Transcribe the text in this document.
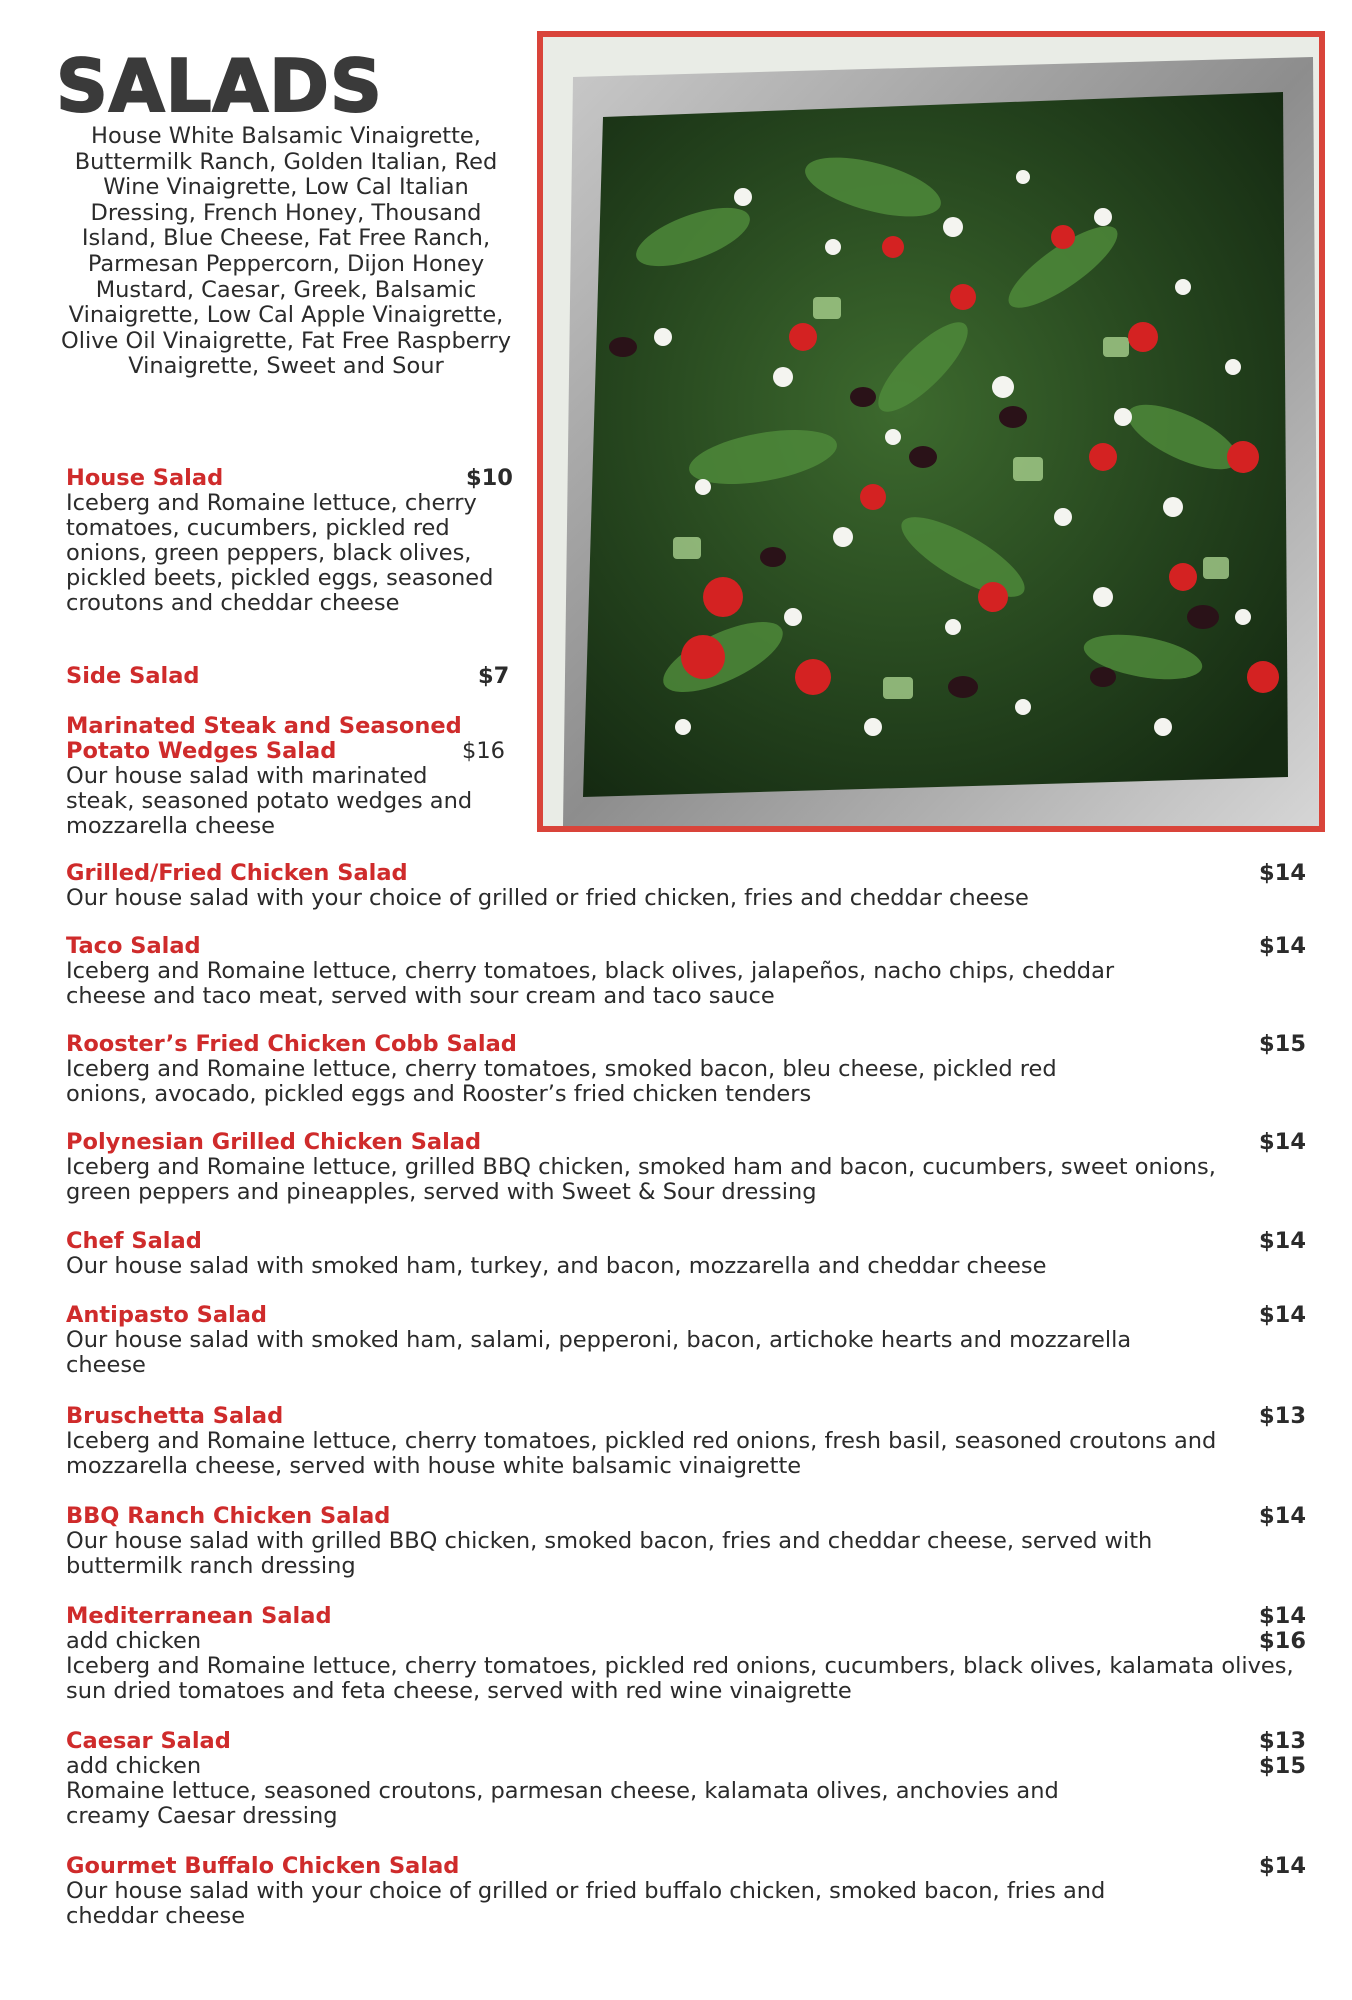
SALADS
House White Balsamic Vinaigrette, Buttermilk Ranch, Golden Italian, Red Wine Vinaigrette, Low Cal Italian Dressing, French Honey, Thousand Island, Blue Cheese, Fat Free Ranch, Parmesan Peppercorn, Dijon Honey Mustard, Caesar, Greek, Balsamic Vinaigrette, Low Cal Apple Vinaigrette, Olive Oil Vinaigrette, Fat Free Raspberry Vinaigrette, Sweet and Sour
House Salad
Iceberg and Romaine lettuce, cherry tomatoes, cucumbers, pickled red onions, green peppers, black olives, pickled beets, pickled eggs, seasoned croutons and cheddar cheese
$10
Side Salad	$7
Marinated Steak and Seasoned Potato Wedges Salad
Our house salad with marinated steak, seasoned potato wedges and mozzarella cheese
$16
Grilled/Fried Chicken Salad
Our house salad with your choice of grilled or fried chicken, fries and cheddar cheese
$14
Taco Salad
Iceberg and Romaine lettuce, cherry tomatoes, black olives, jalapeños, nacho chips, cheddar cheese and taco meat, served with sour cream and taco sauce
$14
Rooster’s Fried Chicken Cobb Salad
Iceberg and Romaine lettuce, cherry tomatoes, smoked bacon, bleu cheese, pickled red onions, avocado, pickled eggs and Rooster’s fried chicken tenders
$15
Polynesian Grilled Chicken Salad
Iceberg and Romaine lettuce, grilled BBQ chicken, smoked ham and bacon, cucumbers, sweet onions, green peppers and pineapples, served with Sweet & Sour dressing
$14
Chef Salad
Our house salad with smoked ham, turkey, and bacon, mozzarella and cheddar cheese
$14
Antipasto Salad
Our house salad with smoked ham, salami, pepperoni, bacon, artichoke hearts and mozzarella cheese
$14
Bruschetta Salad
Iceberg and Romaine lettuce, cherry tomatoes, pickled red onions, fresh basil, seasoned croutons and mozzarella cheese, served with house white balsamic vinaigrette
$13
BBQ Ranch Chicken Salad
Our house salad with grilled BBQ chicken, smoked bacon, fries and cheddar cheese, served with buttermilk ranch dressing
$14
Mediterranean Salad
add chicken
Iceberg and Romaine lettuce, cherry tomatoes, pickled red onions, cucumbers, black olives, kalamata olives, sun dried tomatoes and feta cheese, served with red wine vinaigrette
$14
$16
Caesar Salad
add chicken
Romaine lettuce, seasoned croutons, parmesan cheese, kalamata olives, anchovies and creamy Caesar dressing
$13
$15
Gourmet Buffalo Chicken Salad
Our house salad with your choice of grilled or fried buffalo chicken, smoked bacon, fries and cheddar cheese
$14
